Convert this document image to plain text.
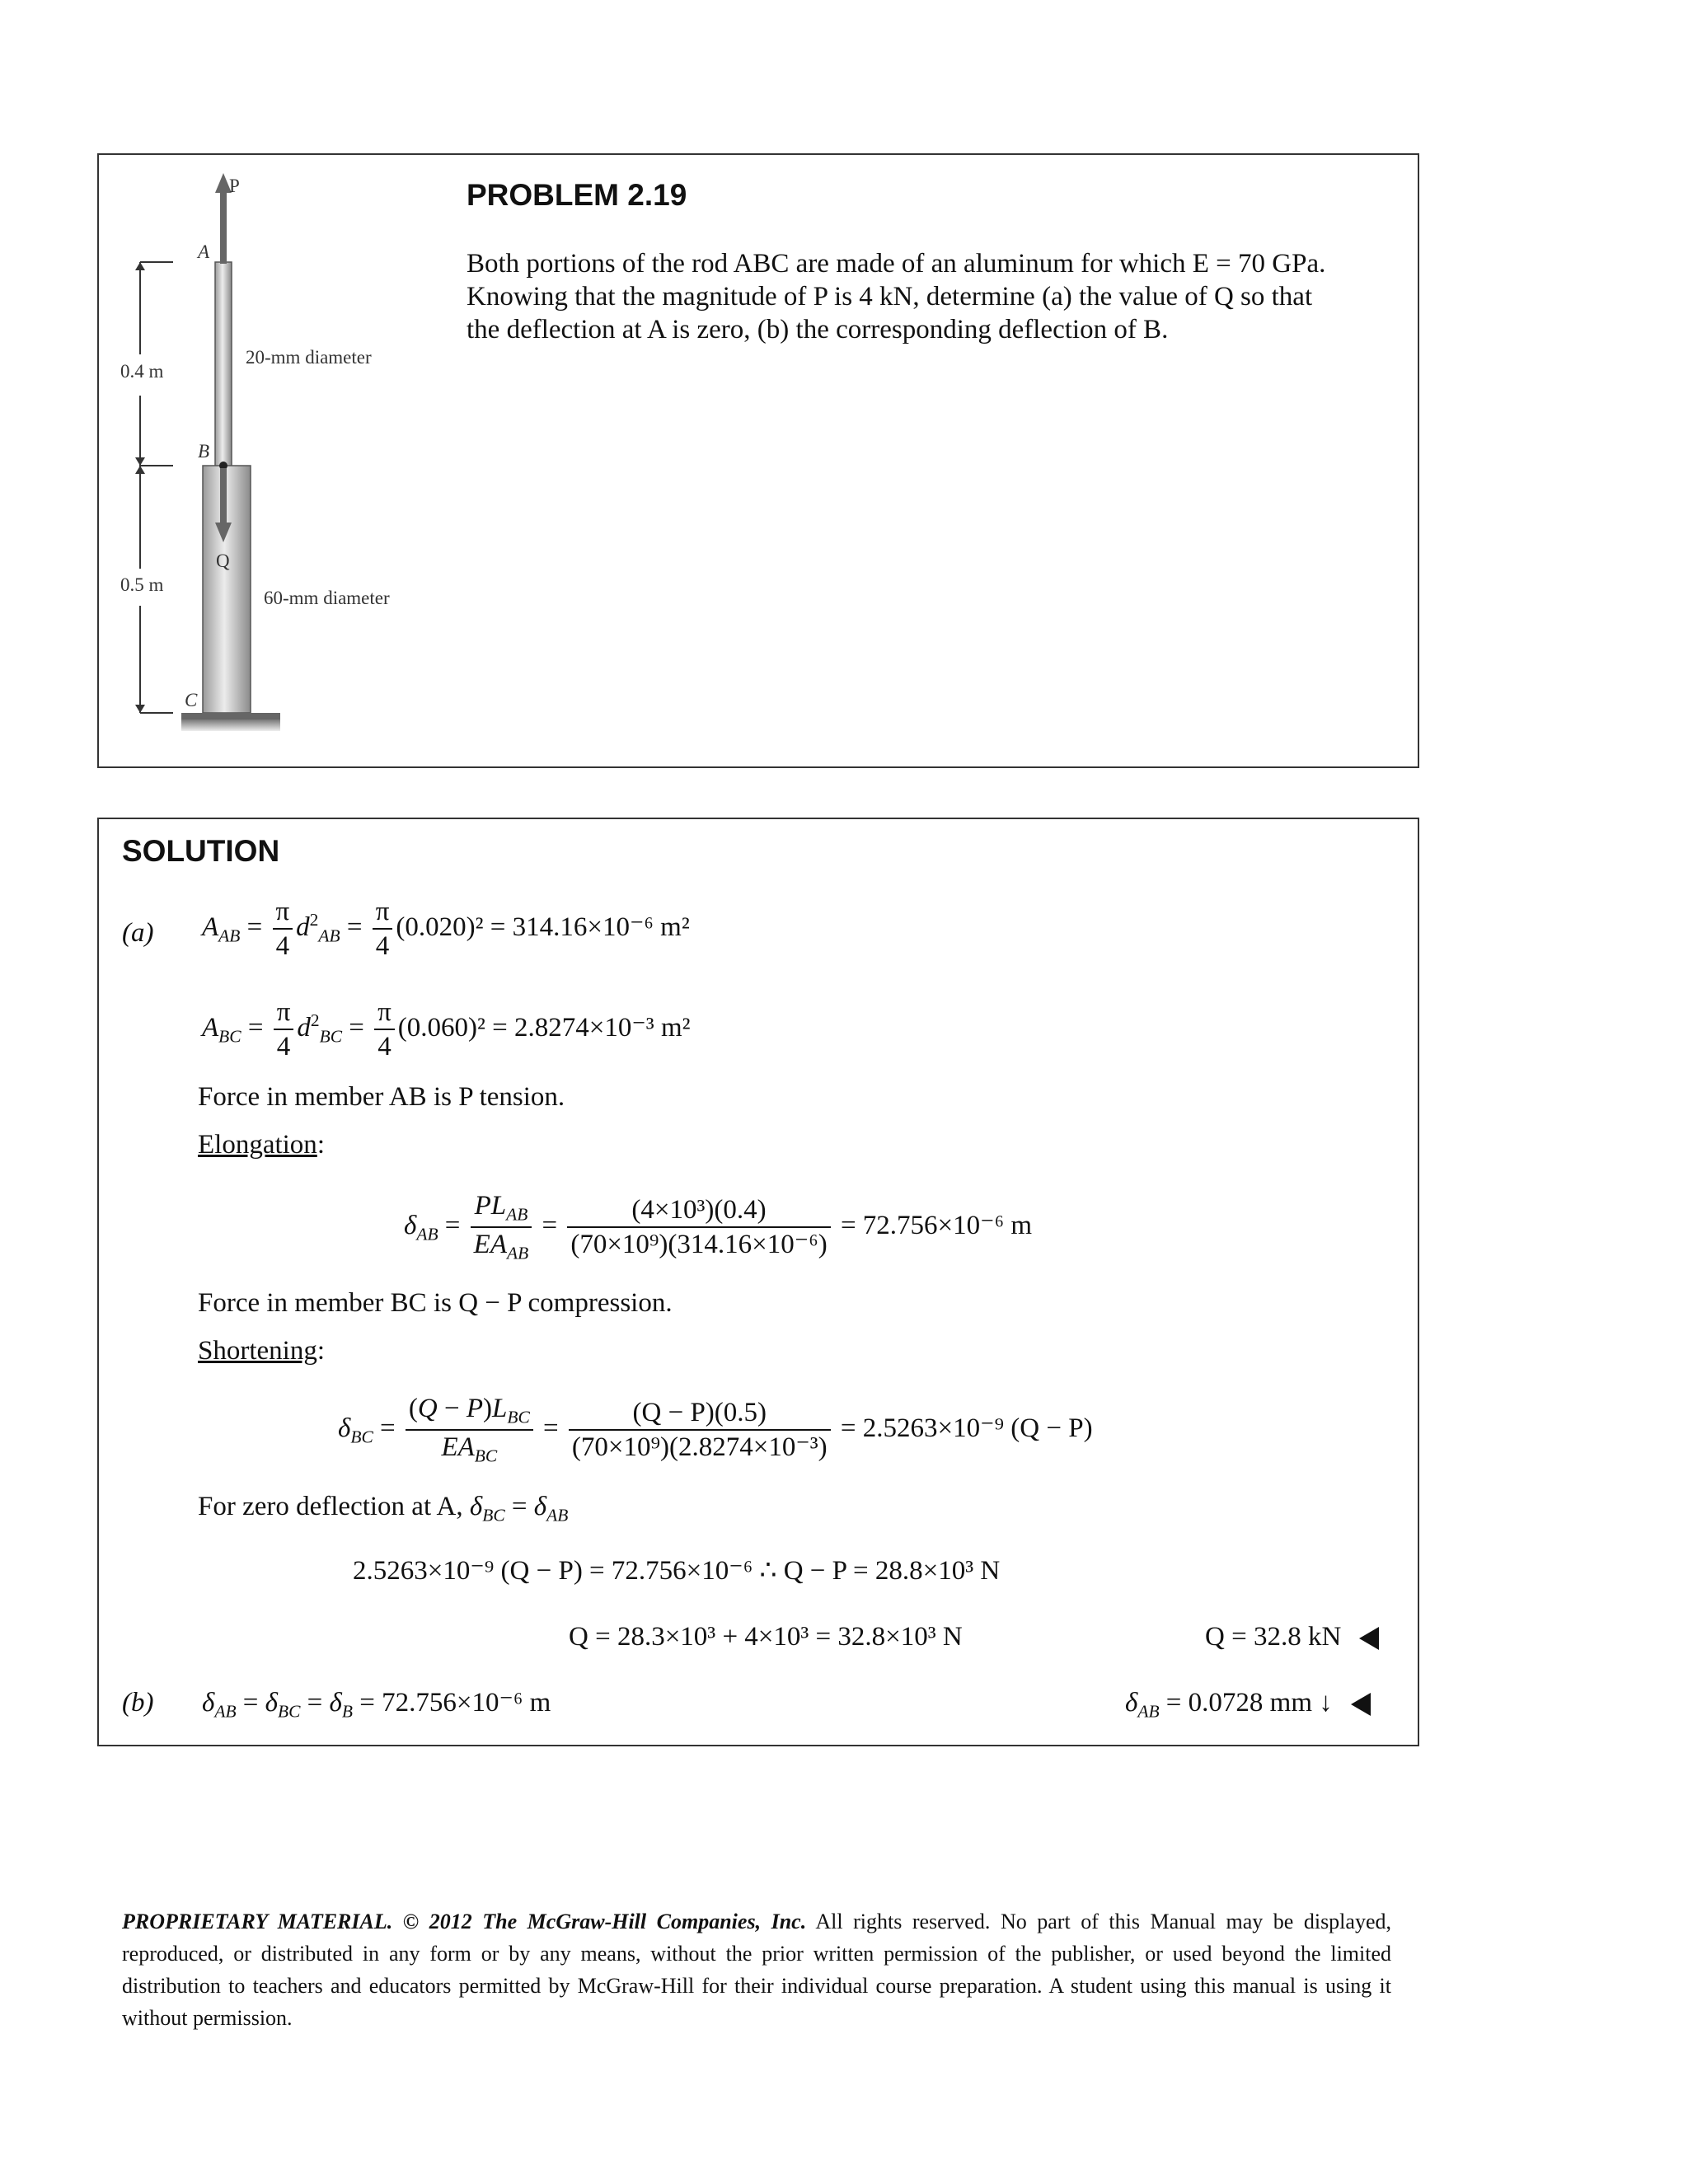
P
A
B
C
Q
0.4 m
0.5 m
20-mm diameter
60-mm diameter
PROBLEM 2.19
Both portions of the rod ABC are made of an aluminum for which E = 70 GPa.
Knowing that the magnitude of P is 4 kN, determine (a) the value of Q so that
the deflection at A is zero, (b) the corresponding deflection of B.
SOLUTION
(a) $A_{AB} = \frac{\pi}{4} d^2_{AB} = \frac{\pi}{4} (0.020)^2 = 314.16\times 10^{-6}$ m²
$A_{BC} = \frac{\pi}{4} d^2_{BC} = \frac{\pi}{4} (0.060)^2 = 2.8274\times 10^{-3}$ m²
Force in member AB is P tension.
Elongation:
$\delta_{AB} = \frac{PL_{AB}}{EA_{AB}} = \frac{\text{(4×10³)(0.4)}}{\text{(70×10⁹)(314.16×10⁻⁶)}} = 72.756\times 10^{-6}$ m
Force in member BC is Q − P compression.
Shortening:
$\delta_{BC} = \frac{(Q - P)L_{BC}}{EA_{BC}} = \frac{(Q - P)(0.5)}{\text{(70×10⁹)(2.8274×10⁻³)}} = 2.5263\times 10^{-9}$ (Q − P)
For zero deflection at A, $\delta_{BC} = \delta_{AB}$
2.5263×10⁻⁹ (Q − P) = 72.756×10⁻⁶ ∴ Q − P = 28.8×10³ N
Q = 28.3×10³ + 4×10³ = 32.8×10³ N	Q = 32.8 kN
(b) $\delta_{AB} = \delta_{BC} = \delta_B = 72.756\times 10^{-6}$ m	$\delta_{AB} = 0.0728$ mm ↓
PROPRIETARY MATERIAL. © 2012 The McGraw-Hill Companies, Inc. All rights reserved. No part of this Manual may be displayed, reproduced, or distributed in any form or by any means, without the prior written permission of the publisher, or used beyond the limited distribution to teachers and educators permitted by McGraw-Hill for their individual course preparation. A student using this manual is using it without permission.
